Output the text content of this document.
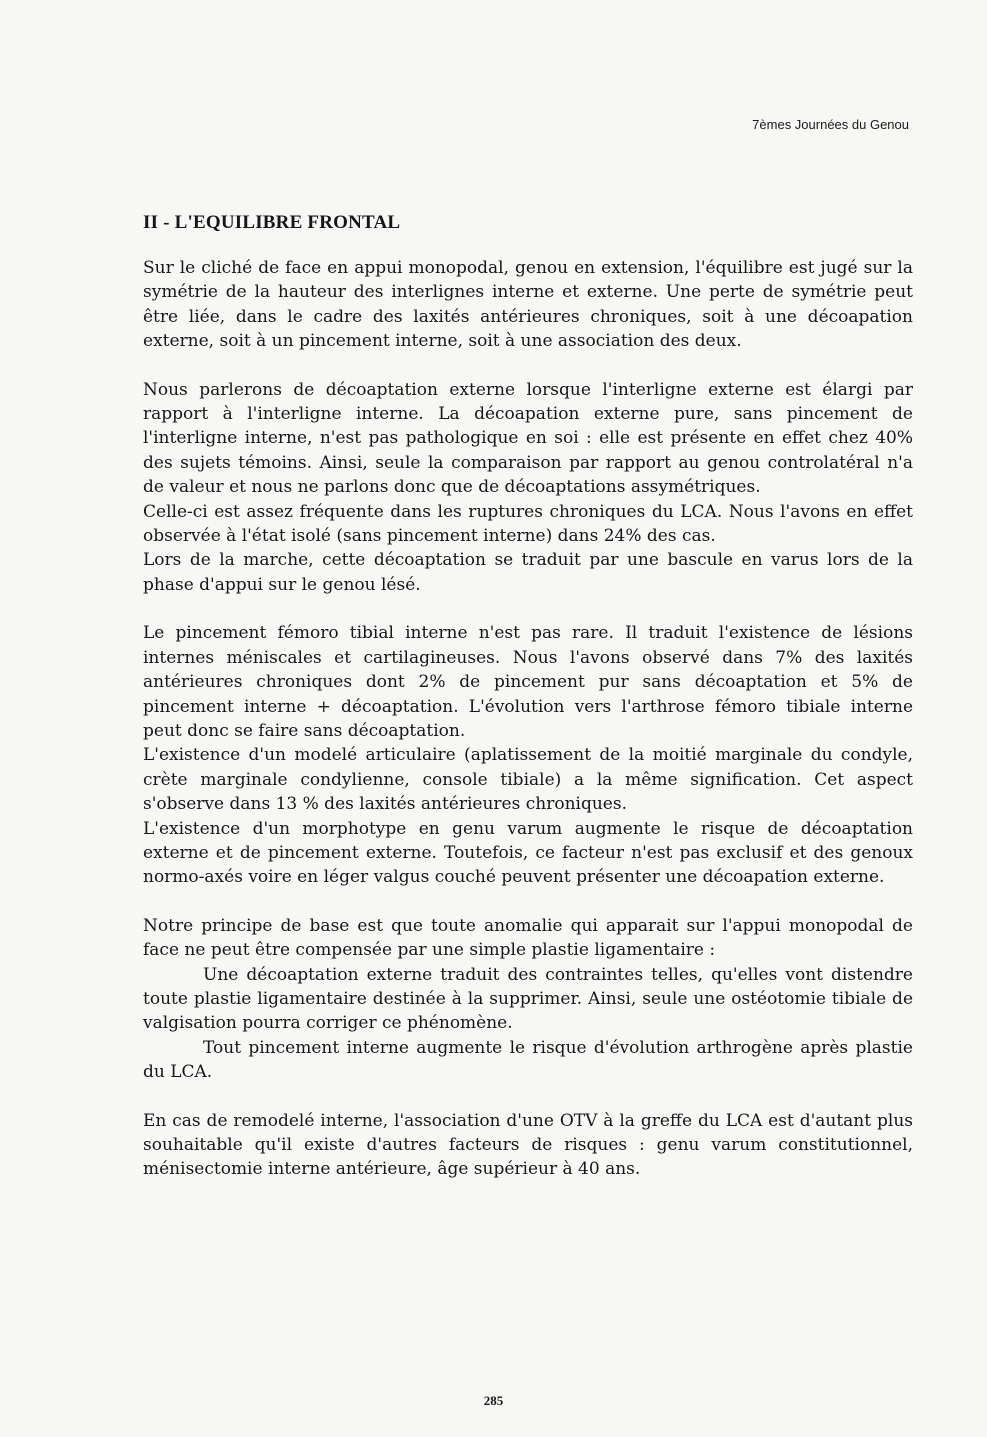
7èmes Journées du Genou
II - L'EQUILIBRE FRONTAL

Sur le cliché de face en appui monopodal, genou en extension, l'équilibre est jugé sur la symétrie de la hauteur des interlignes interne et externe. Une perte de symétrie peut être liée, dans le cadre des laxités antérieures chroniques, soit à une décoapation externe, soit à un pincement interne, soit à une association des deux.

Nous parlerons de décoaptation externe lorsque l'interligne externe est élargi par rapport à l'interligne interne. La décoapation externe pure, sans pincement de l'interligne interne, n'est pas pathologique en soi : elle est présente en effet chez 40% des sujets témoins. Ainsi, seule la comparaison par rapport au genou controlatéral n'a de valeur et nous ne parlons donc que de décoaptations assymétriques.

Celle-ci est assez fréquente dans les ruptures chroniques du LCA. Nous l'avons en effet observée à l'état isolé (sans pincement interne) dans 24% des cas.

Lors de la marche, cette décoaptation se traduit par une bascule en varus lors de la phase d'appui sur le genou lésé.

Le pincement fémoro tibial interne n'est pas rare. Il traduit l'existence de lésions internes méniscales et cartilagineuses. Nous l'avons observé dans 7% des laxités antérieures chroniques dont 2% de pincement pur sans décoaptation et 5% de pincement interne + décoaptation. L'évolution vers l'arthrose fémoro tibiale interne peut donc se faire sans décoaptation.

L'existence d'un modelé articulaire (aplatissement de la moitié marginale du condyle, crète marginale condylienne, console tibiale) a la même signification. Cet aspect s'observe dans 13 % des laxités antérieures chroniques.

L'existence d'un morphotype en genu varum augmente le risque de décoaptation externe et de pincement externe. Toutefois, ce facteur n'est pas exclusif et des genoux normo-axés voire en léger valgus couché peuvent présenter une décoapation externe.

Notre principe de base est que toute anomalie qui apparait sur l'appui monopodal de face ne peut être compensée par une simple plastie ligamentaire :

Une décoaptation externe traduit des contraintes telles, qu'elles vont distendre toute plastie ligamentaire destinée à la supprimer. Ainsi, seule une ostéotomie tibiale de valgisation pourra corriger ce phénomène.

Tout pincement interne augmente le risque d'évolution arthrogène après plastie du LCA.

En cas de remodelé interne, l'association d'une OTV à la greffe du LCA est d'autant plus souhaitable qu'il existe d'autres facteurs de risques : genu varum constitutionnel, ménisectomie interne antérieure, âge supérieur à 40 ans.

285
